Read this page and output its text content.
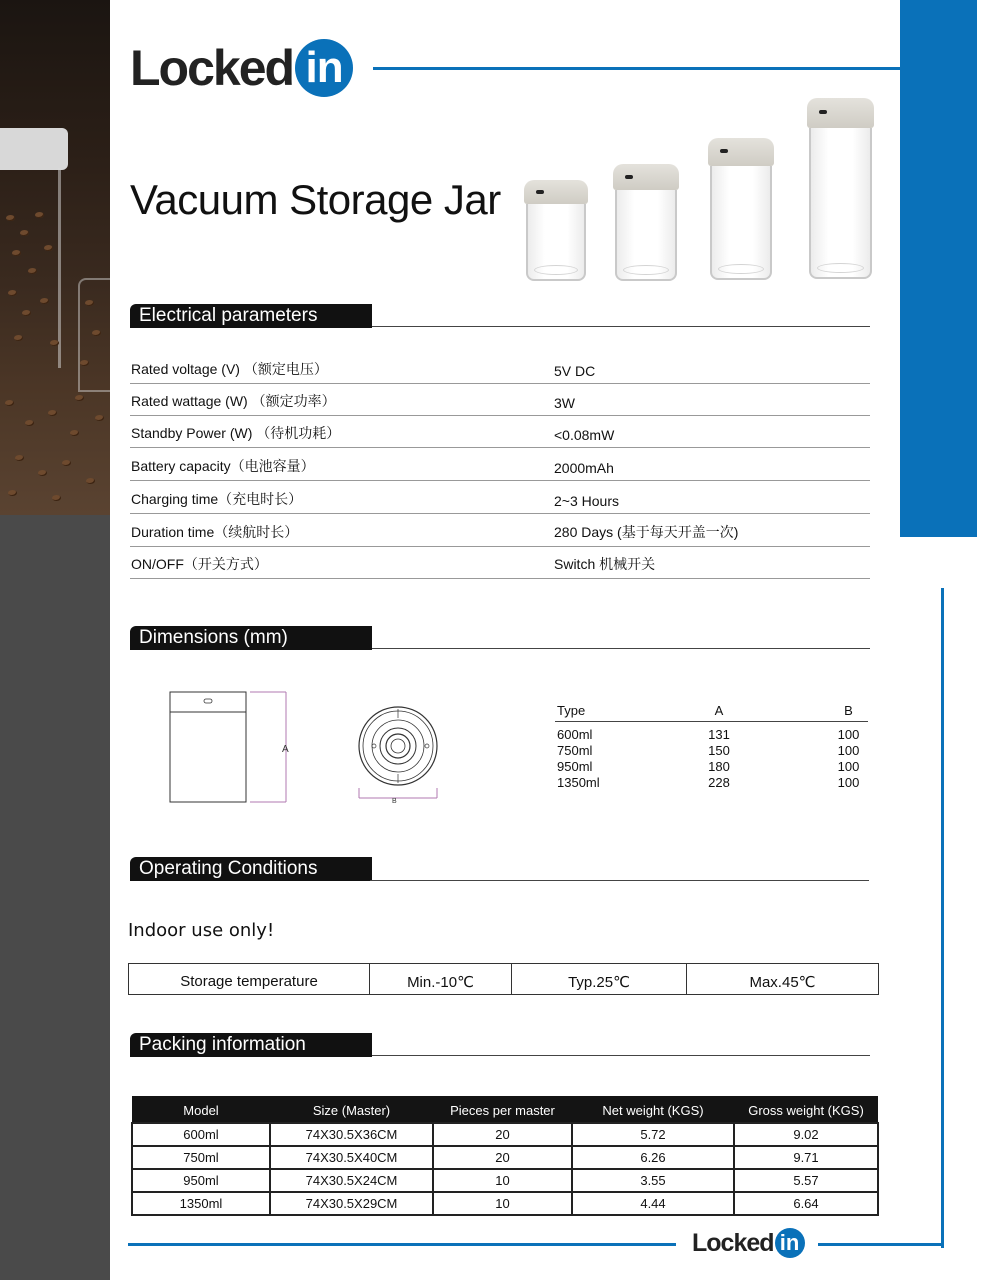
Locked in
Vacuum Storage Jar
Electrical parameters
Rated voltage (V) （额定电压）	5V DC
Rated wattage (W) （额定功率）	3W
Standby Power (W) （待机功耗）	<0.08mW
Battery capacity（电池容量）	2000mAh
Charging time（充电时长）	2~3 Hours
Duration time（续航时长）	280 Days (基于每天开盖一次)
ON/OFF（开关方式）	Switch 机械开关
Dimensions (mm)
A
B
Type	A	B
600ml	131	100
750ml	150	100
950ml	180	100
1350ml	228	100
Operating Conditions
Indoor use only!
Storage temperature	Min.-10℃	Typ.25℃	Max.45℃
Packing information
Model	Size (Master)	Pieces per master	Net weight (KGS)	Gross weight (KGS)
600ml	74X30.5X36CM	20	5.72	9.02
750ml	74X30.5X40CM	20	6.26	9.71
950ml	74X30.5X24CM	10	3.55	5.57
1350ml	74X30.5X29CM	10	4.44	6.64
Locked in
